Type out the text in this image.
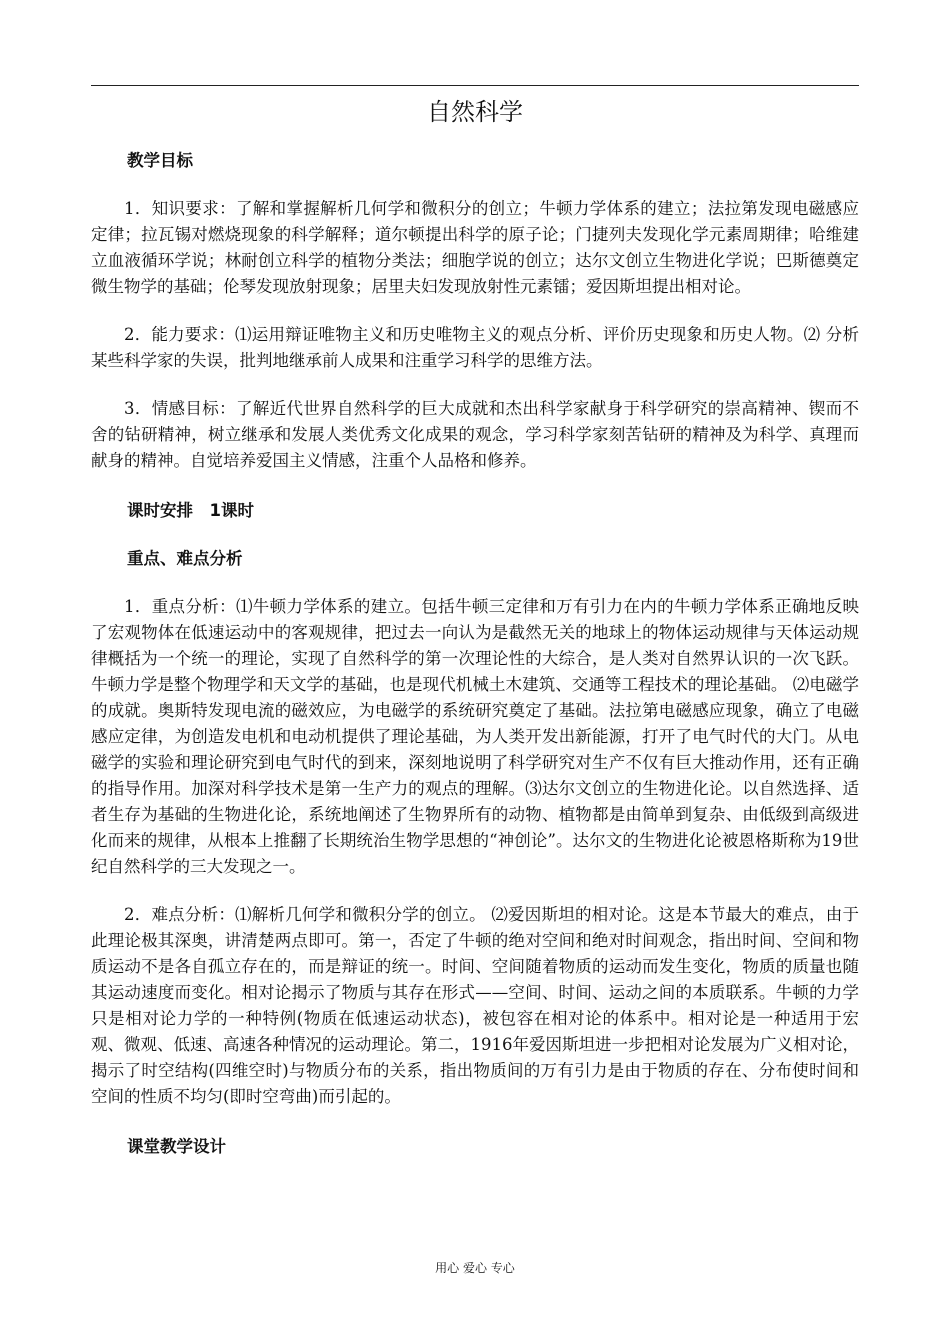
自然科学

教学目标

1．知识要求：了解和掌握解析几何学和微积分的创立；牛顿力学体系的建立；法拉第发现电磁感应定律；拉瓦锡对燃烧现象的科学解释；道尔顿提出科学的原子论；门捷列夫发现化学元素周期律；哈维建立血液循环学说；林耐创立科学的植物分类法；细胞学说的创立；达尔文创立生物进化学说；巴斯德奠定微生物学的基础；伦琴发现放射现象；居里夫妇发现放射性元素镭；爱因斯坦提出相对论。

2．能力要求：⑴运用辩证唯物主义和历史唯物主义的观点分析、评价历史现象和历史人物。⑵ 分析某些科学家的失误，批判地继承前人成果和注重学习科学的思维方法。

3．情感目标：了解近代世界自然科学的巨大成就和杰出科学家献身于科学研究的崇高精神、锲而不舍的钻研精神，树立继承和发展人类优秀文化成果的观念，学习科学家刻苦钻研的精神及为科学、真理而献身的精神。自觉培养爱国主义情感，注重个人品格和修养。

课时安排　1课时

重点、难点分析

1．重点分析：⑴牛顿力学体系的建立。包括牛顿三定律和万有引力在内的牛顿力学体系正确地反映了宏观物体在低速运动中的客观规律，把过去一向认为是截然无关的地球上的物体运动规律与天体运动规律概括为一个统一的理论，实现了自然科学的第一次理论性的大综合，是人类对自然界认识的一次飞跃。牛顿力学是整个物理学和天文学的基础，也是现代机械土木建筑、交通等工程技术的理论基础。 ⑵电磁学的成就。奥斯特发现电流的磁效应，为电磁学的系统研究奠定了基础。法拉第电磁感应现象，确立了电磁感应定律，为创造发电机和电动机提供了理论基础，为人类开发出新能源，打开了电气时代的大门。从电磁学的实验和理论研究到电气时代的到来，深刻地说明了科学研究对生产不仅有巨大推动作用，还有正确的指导作用。加深对科学技术是第一生产力的观点的理解。⑶达尔文创立的生物进化论。以自然选择、适者生存为基础的生物进化论，系统地阐述了生物界所有的动物、植物都是由简单到复杂、由低级到高级进化而来的规律，从根本上推翻了长期统治生物学思想的“神创论”。达尔文的生物进化论被恩格斯称为19世纪自然科学的三大发现之一。

2．难点分析：⑴解析几何学和微积分学的创立。 ⑵爱因斯坦的相对论。这是本节最大的难点，由于此理论极其深奥，讲清楚两点即可。第一，否定了牛顿的绝对空间和绝对时间观念，指出时间、空间和物质运动不是各自孤立存在的，而是辩证的统一。时间、空间随着物质的运动而发生变化，物质的质量也随其运动速度而变化。相对论揭示了物质与其存在形式——空间、时间、运动之间的本质联系。牛顿的力学只是相对论力学的一种特例(物质在低速运动状态)，被包容在相对论的体系中。相对论是一种适用于宏观、微观、低速、高速各种情况的运动理论。第二，1916年爱因斯坦进一步把相对论发展为广义相对论，揭示了时空结构(四维空时)与物质分布的关系，指出物质间的万有引力是由于物质的存在、分布使时间和空间的性质不均匀(即时空弯曲)而引起的。

课堂教学设计

用心 爱心 专心
